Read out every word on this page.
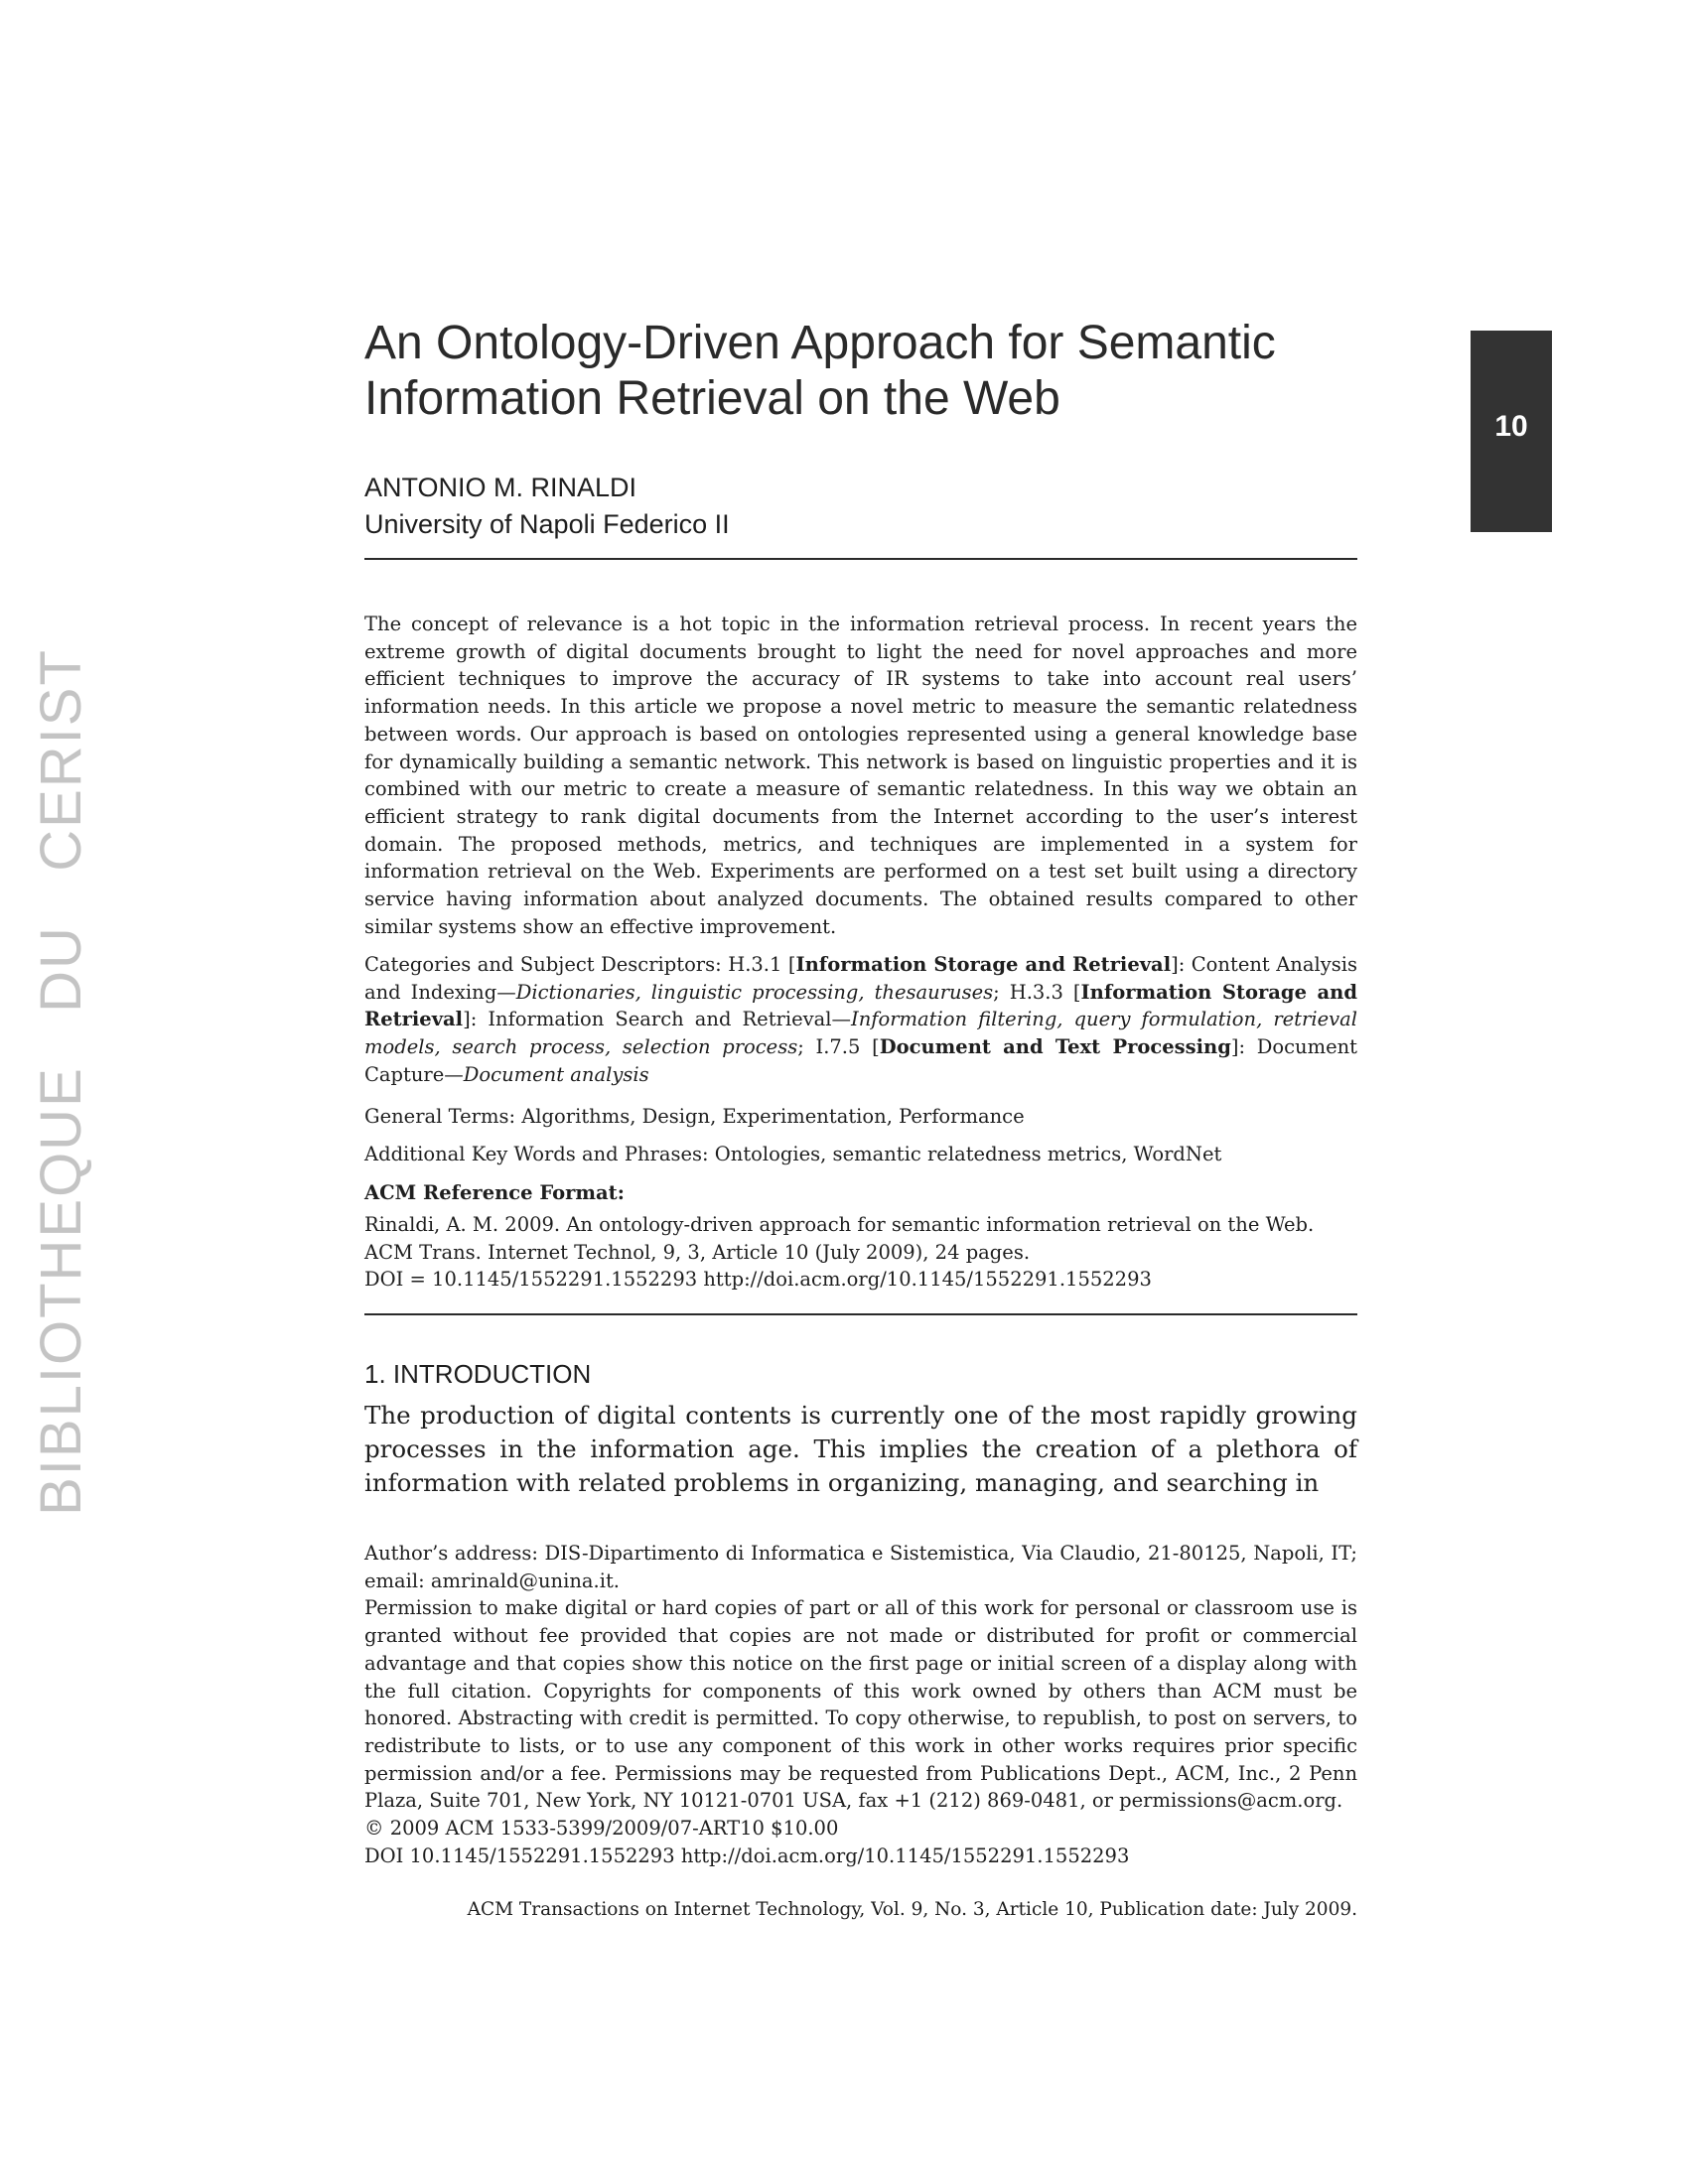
BIBLIOTHEQUE   DU   CERIST
10
An Ontology-Driven Approach for Semantic Information Retrieval on the Web

ANTONIO M. RINALDI

University of Napoli Federico II

The concept of relevance is a hot topic in the information retrieval process. In recent years the extreme growth of digital documents brought to light the need for novel approaches and more efficient techniques to improve the accuracy of IR systems to take into account real users’ information needs. In this article we propose a novel metric to measure the semantic relatedness between words. Our approach is based on ontologies represented using a general knowledge base for dynamically building a semantic network. This network is based on linguistic properties and it is combined with our metric to create a measure of semantic relatedness. In this way we obtain an efficient strategy to rank digital documents from the Internet according to the user’s interest domain. The proposed methods, metrics, and techniques are implemented in a system for information retrieval on the Web. Experiments are performed on a test set built using a directory service having information about analyzed documents. The obtained results compared to other similar systems show an effective improvement.

Categories and Subject Descriptors: H.3.1 [Information Storage and Retrieval]: Content Analysis and Indexing—Dictionaries, linguistic processing, thesauruses; H.3.3 [Information Storage and Retrieval]: Information Search and Retrieval—Information filtering, query formulation, retrieval models, search process, selection process; I.7.5 [Document and Text Processing]: Document Capture—Document analysis

General Terms: Algorithms, Design, Experimentation, Performance

Additional Key Words and Phrases: Ontologies, semantic relatedness metrics, WordNet

ACM Reference Format:

Rinaldi, A. M. 2009. An ontology-driven approach for semantic information retrieval on the Web.
ACM Trans. Internet Technol, 9, 3, Article 10 (July 2009), 24 pages.
DOI = 10.1145/1552291.1552293 http://doi.acm.org/10.1145/1552291.1552293
1. INTRODUCTION

The production of digital contents is currently one of the most rapidly growing processes in the information age. This implies the creation of a plethora of information with related problems in organizing, managing, and searching in

Author’s address: DIS-Dipartimento di Informatica e Sistemistica, Via Claudio, 21-80125, Napoli, IT; email: amrinald@unina.it.

Permission to make digital or hard copies of part or all of this work for personal or classroom use is granted without fee provided that copies are not made or distributed for profit or commercial advantage and that copies show this notice on the first page or initial screen of a display along with the full citation. Copyrights for components of this work owned by others than ACM must be honored. Abstracting with credit is permitted. To copy otherwise, to republish, to post on servers, to redistribute to lists, or to use any component of this work in other works requires prior specific permission and/or a fee. Permissions may be requested from Publications Dept., ACM, Inc., 2 Penn Plaza, Suite 701, New York, NY 10121-0701 USA, fax +1 (212) 869-0481, or permissions@acm.org.

© 2009 ACM 1533-5399/2009/07-ART10 $10.00

DOI 10.1145/1552291.1552293 http://doi.acm.org/10.1145/1552291.1552293

ACM Transactions on Internet Technology, Vol. 9, No. 3, Article 10, Publication date: July 2009.
